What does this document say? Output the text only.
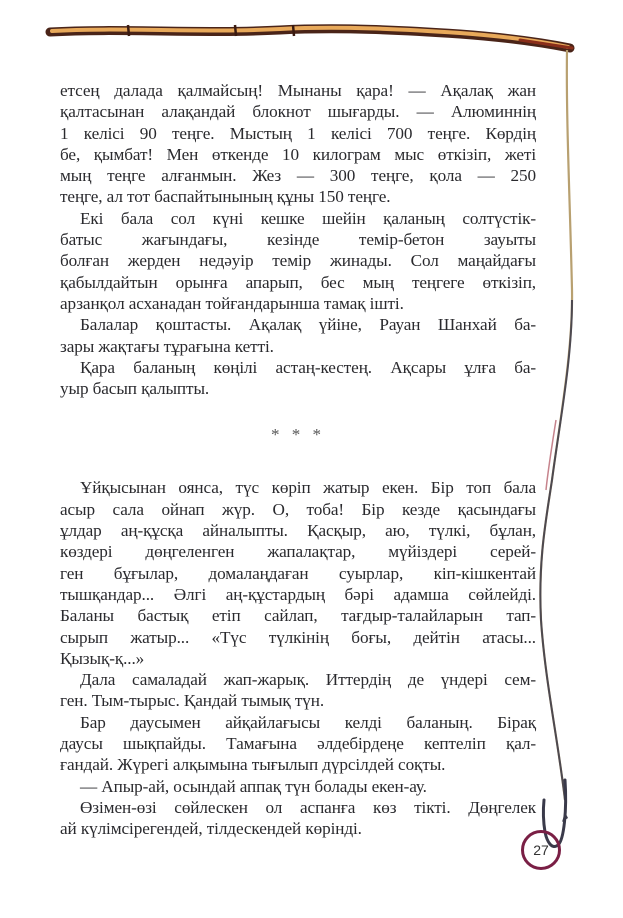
етсең далада қалмайсың! Мынаны қара! — Ақалақ жан
қалтасынан алақандай блокнот шығарды. — Алюминнің
1 келісі 90 теңге. Мыстың 1 келісі 700 теңге. Көрдің
бе, қымбат! Мен өткенде 10 килограм мыс өткізіп, жеті
мың теңге алғанмын. Жез — 300 теңге, қола — 250
теңге, ал тот баспайтынының құны 150 теңге.
Екі бала сол күні кешке шейін қаланың солтүстік-
батыс жағындағы, кезінде темір-бетон зауыты
болған жерден недәуір темір жинады. Сол маңайдағы
қабылдайтын орынға апарып, бес мың теңгеге өткізіп,
арзанқол асханадан тойғандарынша тамақ ішті.
Балалар қоштасты. Ақалақ үйіне, Рауан Шанхай ба-
зары жақтағы тұрағына кетті.
Қара баланың көңілі астаң-кестең. Ақсары ұлға ба-
уыр басып қалыпты.
* * *
Ұйқысынан оянса, түс көріп жатыр екен. Бір топ бала
асыр сала ойнап жүр. О, тоба! Бір кезде қасындағы
ұлдар аң-құсқа айналыпты. Қасқыр, аю, түлкі, бұлан,
көздері дөңгеленген жапалақтар, мүйіздері серей-
ген бұғылар, домалаңдаған суырлар, кіп-кішкентай
тышқандар... Әлгі аң-құстардың бәрі адамша сөйлейді.
Баланы бастық етіп сайлап, тағдыр-талайларын тап-
сырып жатыр... «Түс түлкінің боғы, дейтін атасы...
Қызық-қ...»
Дала самаладай жап-жарық. Иттердің де үндері сем-
ген. Тым-тырыс. Қандай тымық түн.
Бар даусымен айқайлағысы келді баланың. Бірақ
даусы шықпайды. Тамағына әлдебірдеңе кептеліп қал-
ғандай. Жүрегі алқымына тығылып дүрсілдей соқты.
— Апыр-ай, осындай аппақ түн болады екен-ау.
Өзімен-өзі сөйлескен ол аспанға көз тікті. Дөңгелек
ай күлімсірегендей, тілдескендей көрінді.
27
